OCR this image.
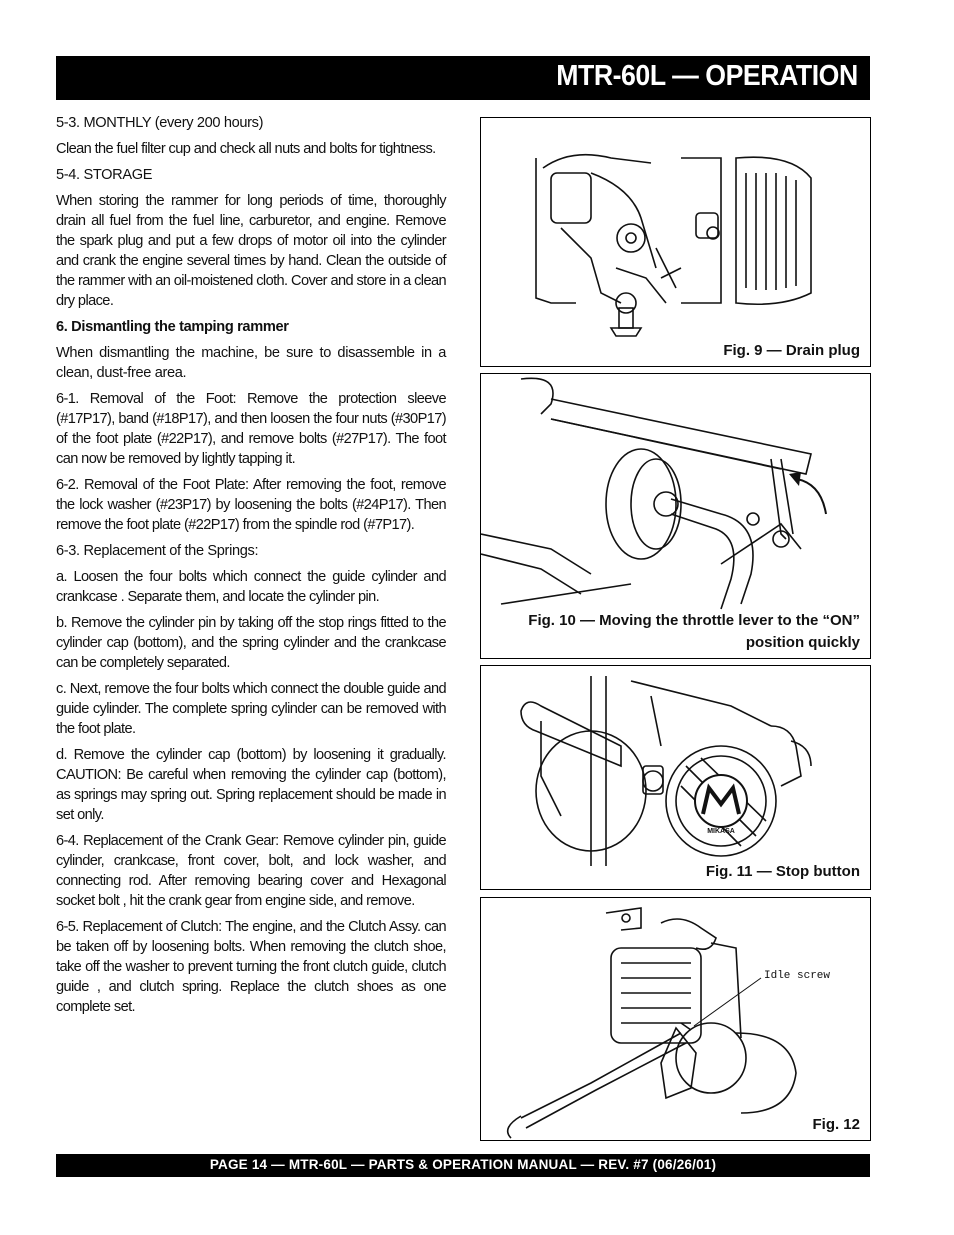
MTR-60L — OPERATION

5-3. MONTHLY (every 200 hours)

Clean the fuel filter cup and check all nuts and bolts for tightness.

5-4. STORAGE

When storing the rammer for long periods of time, thoroughly drain all fuel from the fuel line, carburetor, and engine. Remove the spark plug and put a few drops of motor oil into the cylinder and crank the engine several times by hand. Clean the outside of the rammer with an oil-moistened cloth. Cover and store in a clean dry place.

6. Dismantling the tamping rammer

When dismantling the machine, be sure to disassemble in a clean, dust-free area.

6-1. Removal of the Foot: Remove the protection sleeve (#17P17), band (#18P17), and then loosen the four nuts (#30P17) of the foot plate (#22P17), and remove bolts (#27P17). The foot can now be removed by lightly tapping it.

6-2. Removal of the Foot Plate: After removing the foot, remove the lock washer (#23P17) by loosening the bolts (#24P17). Then remove the foot plate (#22P17) from the spindle rod (#7P17).

6-3. Replacement of the Springs:

a. Loosen the four bolts which connect the guide cylinder and crankcase . Separate them, and locate the cylinder pin.

b. Remove the cylinder pin by taking off the stop rings fitted to the cylinder cap (bottom), and the spring cylinder and the crankcase can be completely separated.

c. Next, remove the four bolts which connect the double guide and guide cylinder. The complete spring cylinder can be removed with the foot plate.

d. Remove the cylinder cap (bottom) by loosening it gradually. CAUTION: Be careful when removing the cylinder cap (bottom), as springs may spring out. Spring replacement should be made in set only.

6-4. Replacement of the Crank Gear: Remove cylinder pin, guide cylinder, crankcase, front cover, bolt, and lock washer, and connecting rod. After removing bearing cover and Hexagonal socket bolt , hit the crank gear from engine side, and remove.

6-5. Replacement of Clutch: The engine, and the Clutch Assy. can be taken off by loosening bolts. When removing the clutch shoe, take off the washer to prevent turning the front clutch guide, clutch guide , and clutch spring. Replace the clutch shoes as one complete set.

Fig. 9 — Drain plug
Fig. 10 — Moving the throttle lever to the “ON” position quickly
MIKASA
Fig. 11 — Stop button
Idle screw
Fig. 12
PAGE 14 — MTR-60L — PARTS & OPERATION MANUAL — REV. #7 (06/26/01)
